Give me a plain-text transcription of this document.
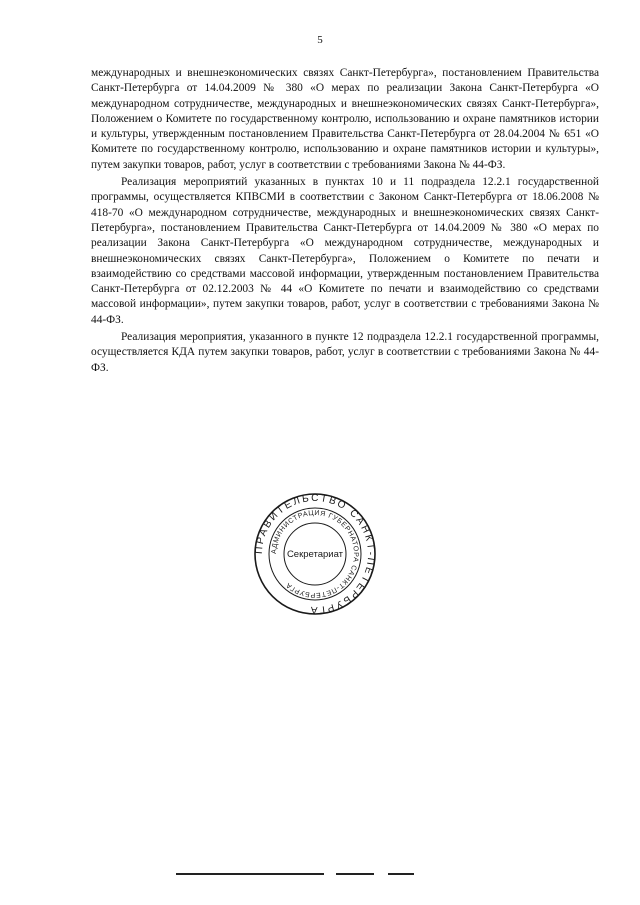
5

международных и внешнеэкономических связях Санкт-Петербурга», постановлением Правительства Санкт-Петербурга от 14.04.2009 № 380 «О мерах по реализации Закона Санкт-Петербурга «О международном сотрудничестве, международных и внешнеэкономических связях Санкт-Петербурга», Положением о Комитете по государственному контролю, использованию и охране памятников истории и культуры, утвержденным постановлением Правительства Санкт-Петербурга от 28.04.2004 № 651 «О Комитете по государственному контролю, использованию и охране памятников истории и культуры», путем закупки товаров, работ, услуг в соответствии с требованиями Закона № 44-ФЗ.

Реализация мероприятий указанных в пунктах 10 и 11 подраздела 12.2.1 государственной программы, осуществляется КПВСМИ в соответствии с Законом Санкт-Петербурга от 18.06.2008 № 418-70 «О международном сотрудничестве, международных и внешнеэкономических связях Санкт-Петербурга», постановлением Правительства Санкт-Петербурга от 14.04.2009 № 380 «О мерах по реализации Закона Санкт-Петербурга «О международном сотрудничестве, международных и внешнеэкономических связях Санкт-Петербурга», Положением о Комитете по печати и взаимодействию со средствами массовой информации, утвержденным постановлением Правительства Санкт-Петербурга от 02.12.2003 № 44 «О Комитете по печати и взаимодействию со средствами массовой информации», путем закупки товаров, работ, услуг в соответствии с требованиями Закона № 44-ФЗ.

Реализация мероприятия, указанного в пункте 12 подраздела 12.2.1 государственной программы, осуществляется КДА путем закупки товаров, работ, услуг в соответствии с требованиями Закона № 44-ФЗ.

ПРАВИТЕЛЬСТВО САНКТ-ПЕТЕРБУРГА
АДМИНИСТРАЦИЯ ГУБЕРНАТОРА САНКТ-ПЕТЕРБУРГА
Секретариат
